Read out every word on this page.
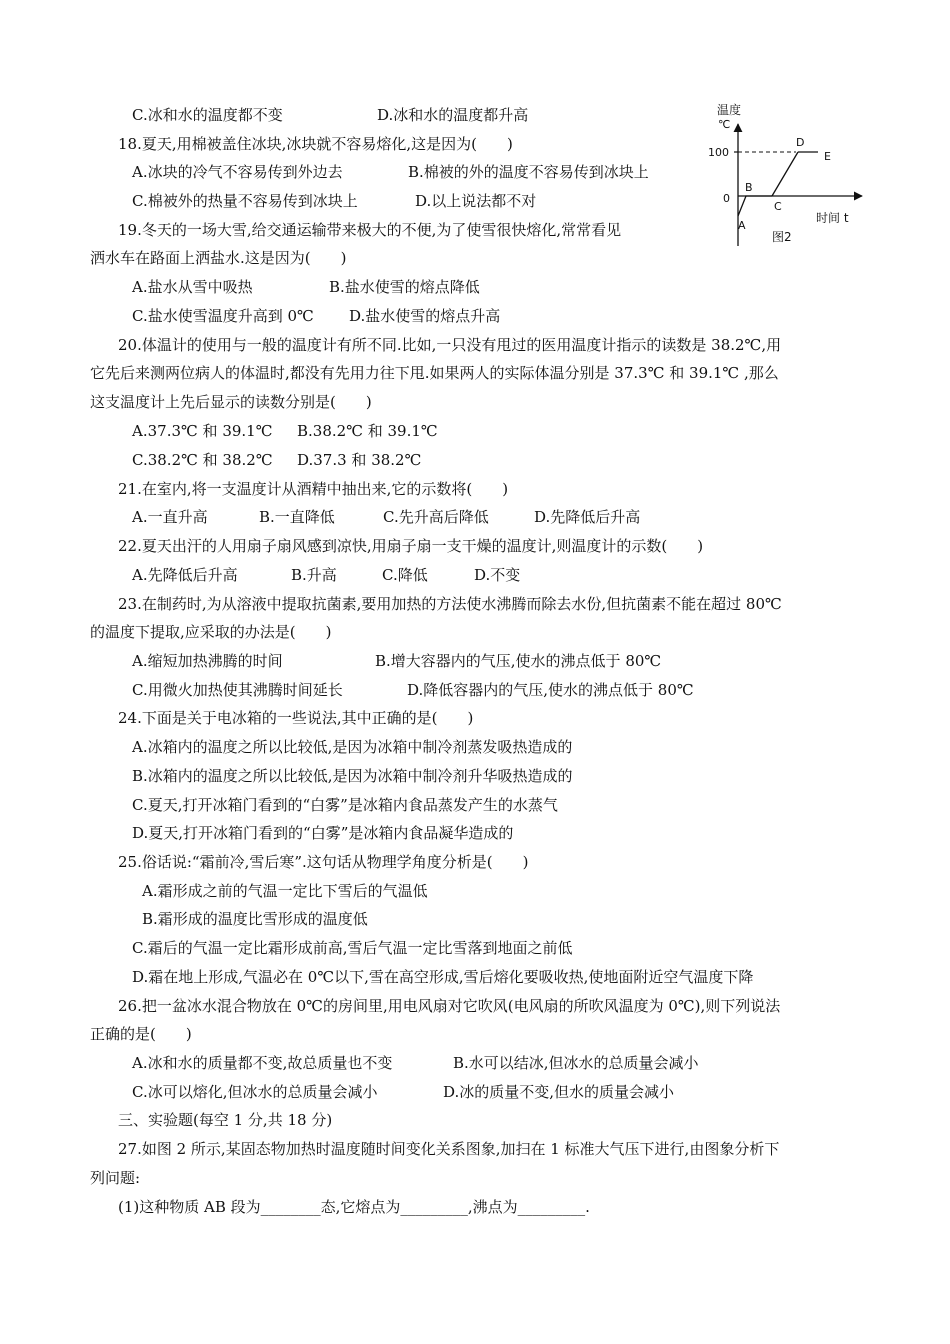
C.冰和水的温度都不变	D.冰和水的温度都升高

18.夏天,用棉被盖住冰块,冰块就不容易熔化,这是因为(　　)

A.冰块的冷气不容易传到外边去	B.棉被的外的温度不容易传到冰块上

C.棉被外的热量不容易传到冰块上	D.以上说法都不对

19.冬天的一场大雪,给交通运输带来极大的不便,为了使雪很快熔化,常常看见

洒水车在路面上洒盐水.这是因为(　　)

A.盐水从雪中吸热	B.盐水使雪的熔点降低

C.盐水使雪温度升高到 0℃ D.盐水使雪的熔点升高

20.体温计的使用与一般的温度计有所不同.比如,一只没有甩过的医用温度计指示的读数是 38.2℃,用

它先后来测两位病人的体温时,都没有先用力往下甩.如果两人的实际体温分别是 37.3℃ 和 39.1℃ ,那么

这支温度计上先后显示的读数分别是(　　)

A.37.3℃ 和 39.1℃ B.38.2℃ 和 39.1℃

C.38.2℃ 和 38.2℃ D.37.3 和 38.2℃

21.在室内,将一支温度计从酒精中抽出来,它的示数将(　　)

A.一直升高	B.一直降低	C.先升高后降低	D.先降低后升高

22.夏天出汗的人用扇子扇风感到凉快,用扇子扇一支干燥的温度计,则温度计的示数(　　)

A.先降低后升高	B.升高	C.降低	D.不变

23.在制药时,为从溶液中提取抗菌素,要用加热的方法使水沸腾而除去水份,但抗菌素不能在超过 80℃

的温度下提取,应采取的办法是(　　)

A.缩短加热沸腾的时间	B.增大容器内的气压,使水的沸点低于 80℃

C.用微火加热使其沸腾时间延长	D.降低容器内的气压,使水的沸点低于 80℃

24.下面是关于电冰箱的一些说法,其中正确的是(　　)

A.冰箱内的温度之所以比较低,是因为冰箱中制冷剂蒸发吸热造成的

B.冰箱内的温度之所以比较低,是因为冰箱中制冷剂升华吸热造成的

C.夏天,打开冰箱门看到的“白雾”是冰箱内食品蒸发产生的水蒸气

D.夏天,打开冰箱门看到的“白雾”是冰箱内食品凝华造成的

25.俗话说:“霜前冷,雪后寒”.这句话从物理学角度分析是(　　)

A.霜形成之前的气温一定比下雪后的气温低

B.霜形成的温度比雪形成的温度低

C.霜后的气温一定比霜形成前高,雪后气温一定比雪落到地面之前低

D.霜在地上形成,气温必在 0℃以下,雪在高空形成,雪后熔化要吸收热,使地面附近空气温度下降

26.把一盆冰水混合物放在 0℃的房间里,用电风扇对它吹风(电风扇的所吹风温度为 0℃),则下列说法

正确的是(　　)

A.冰和水的质量都不变,故总质量也不变	B.水可以结冰,但冰水的总质量会减小

C.冰可以熔化,但冰水的总质量会减小	D.冰的质量不变,但水的质量会减小

三、实验题(每空 1 分,共 18 分)

27.如图 2 所示,某固态物加热时温度随时间变化关系图象,加扫在 1 标准大气压下进行,由图象分析下

列问题:

(1)这种物质 AB 段为________态,它熔点为_________,沸点为_________.

温度
℃
100
0
A
B
C
D
E
时间 t
图2
